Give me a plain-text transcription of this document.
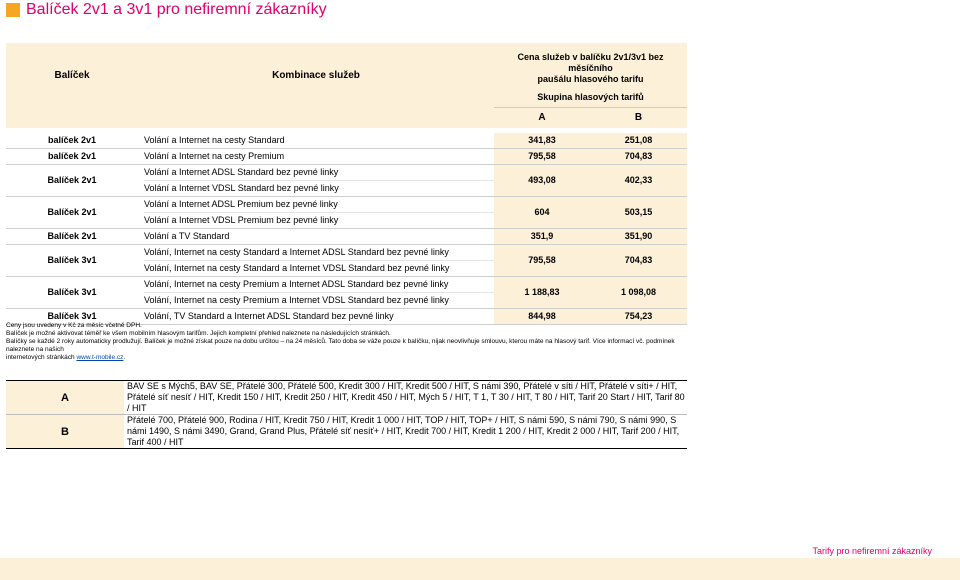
Balíček 2v1 a 3v1 pro nefiremní zákazníky
Balíček	Kombinace služeb	Cena služeb v balíčku 2v1/3v1 bez měsíčního
paušálu hlasového tarifu	

		Skupina hlasových tarifů	
		A	B

balíček 2v1	Volání a Internet na cesty Standard	341,83	251,08
balíček 2v1	Volání a Internet na cesty Premium	795,58	704,83
Balíček 2v1	Volání a Internet ADSL Standard bez pevné linky
Volání a Internet VDSL Standard bez pevné linky	493,08	402,33
Balíček 2v1	Volání a Internet ADSL Premium bez pevné linky
Volání a Internet VDSL Premium bez pevné linky	604	503,15
Balíček 2v1	Volání a TV Standard	351,9	351,90
Balíček 3v1	Volání, Internet na cesty Standard a Internet ADSL Standard bez pevné linky
Volání, Internet na cesty Standard a Internet VDSL Standard bez pevné linky	795,58	704,83
Balíček 3v1	Volání, Internet na cesty Premium a Internet ADSL Standard bez pevné linky
Volání, Internet na cesty Premium a Internet VDSL Standard bez pevné linky	1 188,83	1 098,08
Balíček 3v1	Volání, TV Standard a Internet ADSL Standard bez pevné linky	844,98	754,23
Ceny jsou uvedeny v Kč za měsíc včetně DPH.
Balíček je možné aktivovat téměř ke všem mobilním hlasovým tarifům. Jejich kompletní přehled naleznete na následujících stránkách.
Balíčky se každé 2 roky automaticky prodlužují. Balíček je možné získat pouze na dobu určitou – na 24 měsíců. Tato doba se váže pouze k balíčku, nijak neovlivňuje smlouvu, kterou máte na hlasový tarif. Více informací vč. podmínek naleznete na našich
internetových stránkách www.t-mobile.cz.
A	BAV SE s Mých5, BAV SE, Přátelé 300, Přátelé 500, Kredit 300 / HIT, Kredit 500 / HIT, S námi 390, Přátelé v síti / HIT, Přátelé v síti+ / HIT, Přátelé síť nesíť / HIT, Kredit 150 / HIT, Kredit 250 / HIT, Kredit 450 / HIT, Mých 5 / HIT, T 1, T 30 / HIT, T 80 / HIT, Tarif 20 Start / HIT, Tarif 80 / HIT
B	Přátelé 700, Přátelé 900, Rodina / HIT, Kredit 750 / HIT, Kredit 1 000 / HIT, TOP / HIT, TOP+ / HIT, S námi 590, S námi 790, S námi 990, S námi 1490, S námi 3490, Grand, Grand Plus, Přátelé síť nesíť+ / HIT, Kredit 700 / HIT, Kredit 1 200 / HIT, Kredit 2 000 / HIT, Tarif 200 / HIT, Tarif 400 / HIT
Tarify pro nefiremní zákazníky
